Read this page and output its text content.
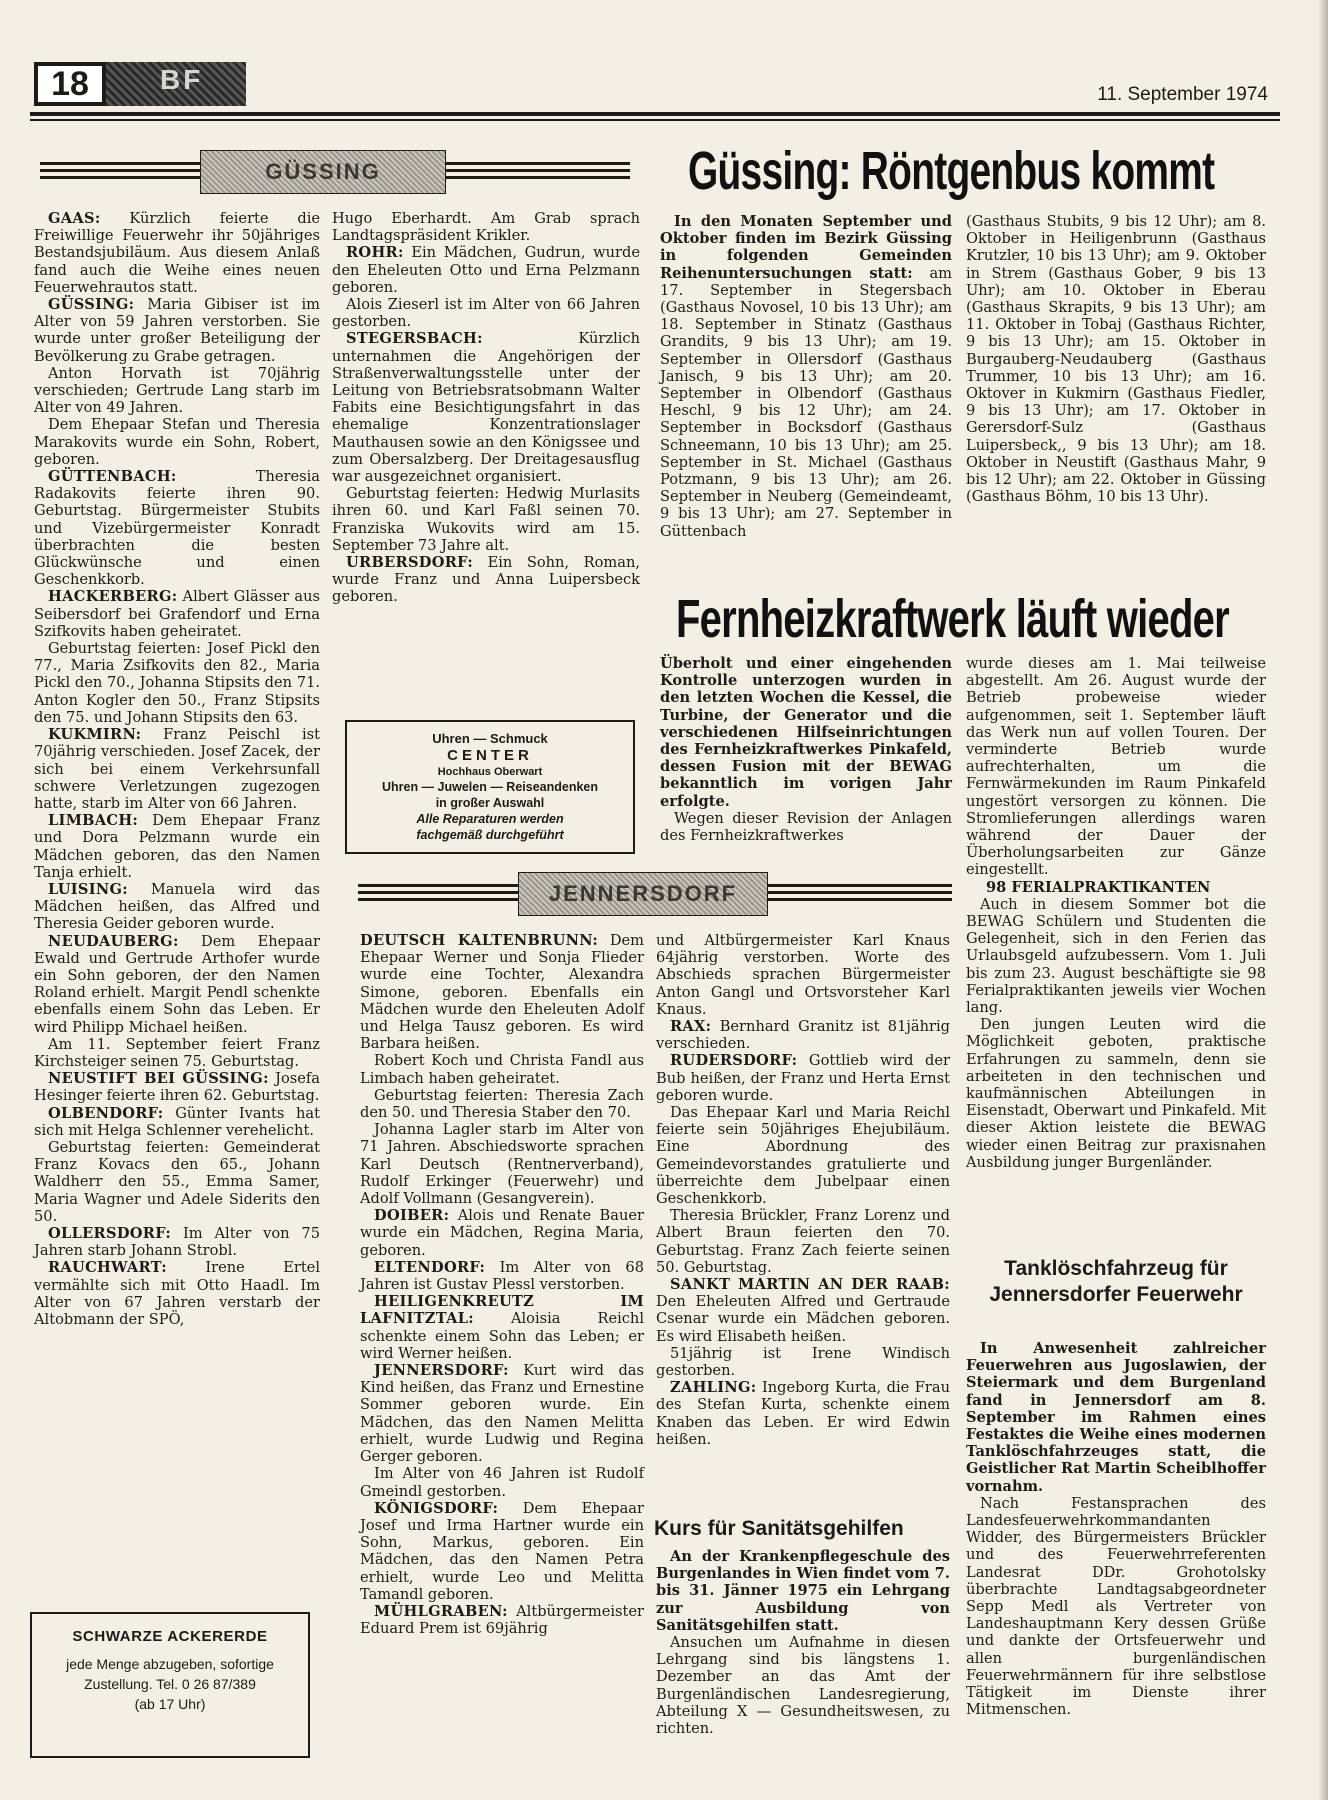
18	BF	11. September 1974
GÜSSING

GAAS: Kürzlich feierte die Freiwillige Feuerwehr ihr 50jähriges Bestandsjubiläum. Aus diesem Anlaß fand auch die Weihe eines neuen Feuerwehrautos statt.

GÜSSING: Maria Gibiser ist im Alter von 59 Jahren verstorben. Sie wurde unter großer Beteiligung der Bevölkerung zu Grabe getragen.

Anton Horvath ist 70jährig verschieden; Gertrude Lang starb im Alter von 49 Jahren.

Dem Ehepaar Stefan und Theresia Marakovits wurde ein Sohn, Robert, geboren.

GÜTTENBACH: Theresia Radakovits feierte ihren 90. Geburtstag. Bürgermeister Stubits und Vizebürgermeister Konradt überbrachten die besten Glückwünsche und einen Geschenkkorb.

HACKERBERG: Albert Glässer aus Seibersdorf bei Grafendorf und Erna Szifkovits haben geheiratet.

Geburtstag feierten: Josef Pickl den 77., Maria Zsifkovits den 82., Maria Pickl den 70., Johanna Stipsits den 71. Anton Kogler den 50., Franz Stipsits den 75. und Johann Stipsits den 63.

KUKMIRN: Franz Peischl ist 70jährig verschieden. Josef Zacek, der sich bei einem Verkehrsunfall schwere Verletzungen zugezogen hatte, starb im Alter von 66 Jahren.

LIMBACH: Dem Ehepaar Franz und Dora Pelzmann wurde ein Mädchen geboren, das den Namen Tanja erhielt.

LUISING: Manuela wird das Mädchen heißen, das Alfred und Theresia Geider geboren wurde.

NEUDAUBERG: Dem Ehepaar Ewald und Gertrude Arthofer wurde ein Sohn geboren, der den Namen Roland erhielt. Margit Pendl schenkte ebenfalls einem Sohn das Leben. Er wird Philipp Michael heißen.

Am 11. September feiert Franz Kirchsteiger seinen 75. Geburtstag.

NEUSTIFT BEI GÜSSING: Josefa Hesinger feierte ihren 62. Geburtstag.

OLBENDORF: Günter Ivants hat sich mit Helga Schlenner verehelicht.

Geburtstag feierten: Gemeinderat Franz Kovacs den 65., Johann Waldherr den 55., Emma Samer, Maria Wagner und Adele Siderits den 50.

OLLERSDORF: Im Alter von 75 Jahren starb Johann Strobl.

RAUCHWART: Irene Ertel vermählte sich mit Otto Haadl. Im Alter von 67 Jahren verstarb der Altobmann der SPÖ,

Hugo Eberhardt. Am Grab sprach Landtagspräsident Krikler.

ROHR: Ein Mädchen, Gudrun, wurde den Eheleuten Otto und Erna Pelzmann geboren.

Alois Zieserl ist im Alter von 66 Jahren gestorben.

STEGERSBACH: Kürzlich unternahmen die Angehörigen der Straßenverwaltungsstelle unter der Leitung von Betriebsratsobmann Walter Fabits eine Besichtigungsfahrt in das ehemalige Konzentrationslager Mauthausen sowie an den Königssee und zum Obersalzberg. Der Dreitagesausflug war ausgezeichnet organisiert.

Geburtstag feierten: Hedwig Murlasits ihren 60. und Karl Faßl seinen 70. Franziska Wukovits wird am 15. September 73 Jahre alt.

URBERSDORF: Ein Sohn, Roman, wurde Franz und Anna Luipersbeck geboren.

Uhren — Schmuck
CENTER
Hochhaus Oberwart
Uhren — Juwelen — Reiseandenken
in großer Auswahl
Alle Reparaturen werden
fachgemäß durchgeführt
Güssing: Röntgenbus kommt

In den Monaten September und Oktober finden im Bezirk Güssing in folgenden Gemeinden Reihenuntersuchungen statt: am 17. September in Stegersbach (Gasthaus Novosel, 10 bis 13 Uhr); am 18. September in Stinatz (Gasthaus Grandits, 9 bis 13 Uhr); am 19. September in Ollersdorf (Gasthaus Janisch, 9 bis 13 Uhr); am 20. September in Olbendorf (Gasthaus Heschl, 9 bis 12 Uhr); am 24. September in Bocksdorf (Gasthaus Schneemann, 10 bis 13 Uhr); am 25. September in St. Michael (Gasthaus Potzmann, 9 bis 13 Uhr); am 26. September in Neuberg (Gemeindeamt, 9 bis 13 Uhr); am 27. September in Güttenbach

(Gasthaus Stubits, 9 bis 12 Uhr); am 8. Oktober in Heiligenbrunn (Gasthaus Krutzler, 10 bis 13 Uhr); am 9. Oktober in Strem (Gasthaus Gober, 9 bis 13 Uhr); am 10. Oktober in Eberau (Gasthaus Skrapits, 9 bis 13 Uhr); am 11. Oktober in Tobaj (Gasthaus Richter, 9 bis 13 Uhr); am 15. Oktober in Burgauberg-Neudauberg (Gasthaus Trummer, 10 bis 13 Uhr); am 16. Oktover in Kukmirn (Gasthaus Fiedler, 9 bis 13 Uhr); am 17. Oktober in Gerersdorf-Sulz (Gasthaus Luipersbeck,, 9 bis 13 Uhr); am 18. Oktober in Neustift (Gasthaus Mahr, 9 bis 12 Uhr); am 22. Oktober in Güssing (Gasthaus Böhm, 10 bis 13 Uhr).

Fernheizkraftwerk läuft wieder

Überholt und einer eingehenden Kontrolle unterzogen wurden in den letzten Wochen die Kessel, die Turbine, der Generator und die verschiedenen Hilfseinrichtungen des Fernheizkraftwerkes Pinkafeld, dessen Fusion mit der BEWAG bekanntlich im vorigen Jahr erfolgte.

Wegen dieser Revision der Anlagen des Fernheizkraftwerkes

wurde dieses am 1. Mai teilweise abgestellt. Am 26. August wurde der Betrieb probeweise wieder aufgenommen, seit 1. September läuft das Werk nun auf vollen Touren. Der verminderte Betrieb wurde aufrechterhalten, um die Fernwärmekunden im Raum Pinkafeld ungestört versorgen zu können. Die Stromlieferungen allerdings waren während der Dauer der Überholungsarbeiten zur Gänze eingestellt.

98 FERIALPRAKTIKANTEN

Auch in diesem Sommer bot die BEWAG Schülern und Studenten die Gelegenheit, sich in den Ferien das Urlaubsgeld aufzubessern. Vom 1. Juli bis zum 23. August beschäftigte sie 98 Ferialpraktikanten jeweils vier Wochen lang.

Den jungen Leuten wird die Möglichkeit geboten, praktische Erfahrungen zu sammeln, denn sie arbeiteten in den technischen und kaufmännischen Abteilungen in Eisenstadt, Oberwart und Pinkafeld. Mit dieser Aktion leistete die BEWAG wieder einen Beitrag zur praxisnahen Ausbildung junger Burgenländer.

JENNERSDORF

DEUTSCH KALTENBRUNN: Dem Ehepaar Werner und Sonja Flieder wurde eine Tochter, Alexandra Simone, geboren. Ebenfalls ein Mädchen wurde den Eheleuten Adolf und Helga Tausz geboren. Es wird Barbara heißen.

Robert Koch und Christa Fandl aus Limbach haben geheiratet.

Geburtstag feierten: Theresia Zach den 50. und Theresia Staber den 70.

Johanna Lagler starb im Alter von 71 Jahren. Abschiedsworte sprachen Karl Deutsch (Rentnerverband), Rudolf Erkinger (Feuerwehr) und Adolf Vollmann (Gesangverein).

DOIBER: Alois und Renate Bauer wurde ein Mädchen, Regina Maria, geboren.

ELTENDORF: Im Alter von 68 Jahren ist Gustav Plessl verstorben.

HEILIGENKREUTZ IM LAFNITZTAL: Aloisia Reichl schenkte einem Sohn das Leben; er wird Werner heißen.

JENNERSDORF: Kurt wird das Kind heißen, das Franz und Ernestine Sommer geboren wurde. Ein Mädchen, das den Namen Melitta erhielt, wurde Ludwig und Regina Gerger geboren.

Im Alter von 46 Jahren ist Rudolf Gmeindl gestorben.

KÖNIGSDORF: Dem Ehepaar Josef und Irma Hartner wurde ein Sohn, Markus, geboren. Ein Mädchen, das den Namen Petra erhielt, wurde Leo und Melitta Tamandl geboren.

MÜHLGRABEN: Altbürgermeister Eduard Prem ist 69jährig

und Altbürgermeister Karl Knaus 64jährig verstorben. Worte des Abschieds sprachen Bürgermeister Anton Gangl und Ortsvorsteher Karl Knaus.

RAX: Bernhard Granitz ist 81jährig verschieden.

RUDERSDORF: Gottlieb wird der Bub heißen, der Franz und Herta Ernst geboren wurde.

Das Ehepaar Karl und Maria Reichl feierte sein 50jähriges Ehejubiläum. Eine Abordnung des Gemeindevorstandes gratulierte und überreichte dem Jubelpaar einen Geschenkkorb.

Theresia Brückler, Franz Lorenz und Albert Braun feierten den 70. Geburtstag. Franz Zach feierte seinen 50. Geburtstag.

SANKT MARTIN AN DER RAAB: Den Eheleuten Alfred und Gertraude Csenar wurde ein Mädchen geboren. Es wird Elisabeth heißen.

51jährig ist Irene Windisch gestorben.

ZAHLING: Ingeborg Kurta, die Frau des Stefan Kurta, schenkte einem Knaben das Leben. Er wird Edwin heißen.

Kurs für Sanitätsgehilfen

An der Krankenpflegeschule des Burgenlandes in Wien findet vom 7. bis 31. Jänner 1975 ein Lehrgang zur Ausbildung von Sanitätsgehilfen statt.

Ansuchen um Aufnahme in diesen Lehrgang sind bis längstens 1. Dezember an das Amt der Burgenländischen Landesregierung, Abteilung X — Gesundheitswesen, zu richten.

Tanklöschfahrzeug für Jennersdorfer Feuerwehr

In Anwesenheit zahlreicher Feuerwehren aus Jugoslawien, der Steiermark und dem Burgenland fand in Jennersdorf am 8. September im Rahmen eines Festaktes die Weihe eines modernen Tanklöschfahrzeuges statt, die Geistlicher Rat Martin Scheiblhoffer vornahm.

Nach Festansprachen des Landesfeuerwehrkommandanten Widder, des Bürgermeisters Brückler und des Feuerwehrreferenten Landesrat DDr. Grohotolsky überbrachte Landtagsabgeordneter Sepp Medl als Vertreter von Landeshauptmann Kery dessen Grüße und dankte der Ortsfeuerwehr und allen burgenländischen Feuerwehrmännern für ihre selbstlose Tätigkeit im Dienste ihrer Mitmenschen.

SCHWARZE ACKERERDE
jede Menge abzugeben, sofortige
Zustellung. Tel. 0 26 87/389
(ab 17 Uhr)
